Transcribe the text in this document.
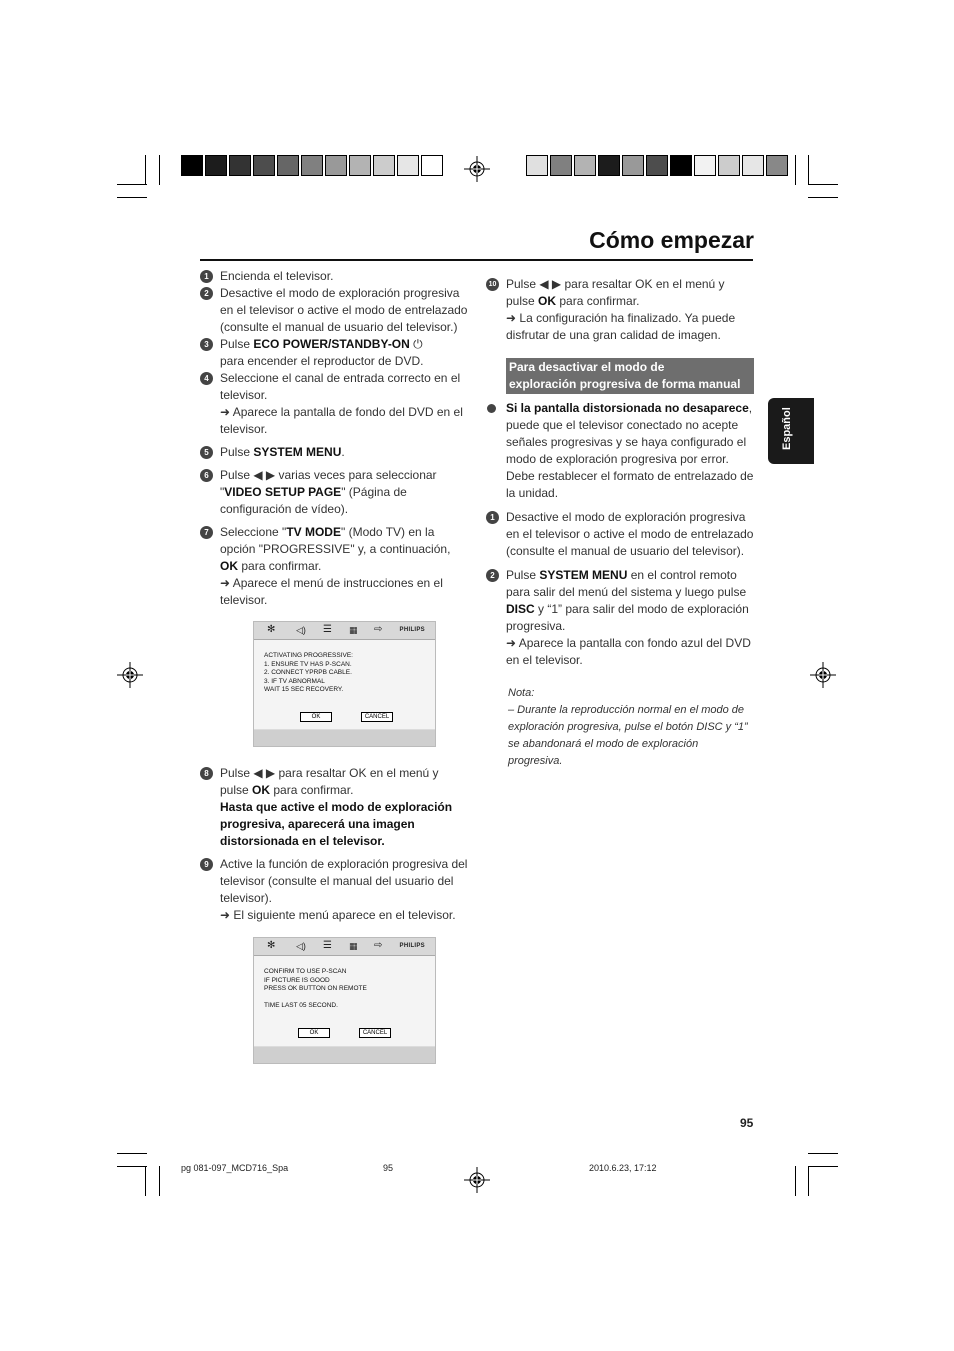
Cómo empezar
Español
1 Encienda el televisor.
2 Desactive el modo de exploración progresiva en el televisor o active el modo de entrelazado (consulte el manual de usuario del televisor.)
3 Pulse ECO POWER/STANDBY-ON ⏻
para encender el reproductor de DVD.
4 Seleccione el canal de entrada correcto en el televisor.
➜ Aparece la pantalla de fondo del DVD en el televisor.
5 Pulse SYSTEM MENU.
6 Pulse ◀ ▶ varias veces para seleccionar "VIDEO SETUP PAGE" (Página de configuración de vídeo).
7 Seleccione "TV MODE" (Modo TV) en la opción "PROGRESSIVE" y, a continuación, OK para confirmar.
➜ Aparece el menú de instrucciones en el televisor.
✻ ◁) ☰ ▦ ⇨	PHILIPS
ACTIVATING PROGRESSIVE:
1. ENSURE TV HAS P-SCAN.
2. CONNECT YPRPB CABLE.
3. IF TV ABNORMAL
WAIT 15 SEC RECOVERY.
OK	CANCEL
8 Pulse ◀ ▶ para resaltar OK en el menú y pulse OK para confirmar.
Hasta que active el modo de exploración progresiva, aparecerá una imagen distorsionada en el televisor.
9 Active la función de exploración progresiva del televisor (consulte el manual del usuario del televisor).
➜ El siguiente menú aparece en el televisor.
✻ ◁) ☰ ▦ ⇨	PHILIPS
CONFIRM TO USE P-SCAN
IF PICTURE IS GOOD
PRESS OK BUTTON ON REMOTE

TIME LAST 05 SECOND.
OK	CANCEL
10 Pulse ◀ ▶ para resaltar OK en el menú y pulse OK para confirmar.
➜ La configuración ha finalizado. Ya puede disfrutar de una gran calidad de imagen.
Para desactivar el modo de
exploración progresiva de forma manual
Si la pantalla distorsionada no desaparece, puede que el televisor conectado no acepte señales progresivas y se haya configurado el modo de exploración progresiva por error. Debe restablecer el formato de entrelazado de la unidad.
1 Desactive el modo de exploración progresiva en el televisor o active el modo de entrelazado (consulte el manual de usuario del televisor).
2 Pulse SYSTEM MENU en el control remoto para salir del menú del sistema y luego pulse DISC y “1” para salir del modo de exploración progresiva.
➜ Aparece la pantalla con fondo azul del DVD en el televisor.
Nota:
– Durante la reproducción normal en el modo de exploración progresiva, pulse el botón DISC y “1” se abandonará el modo de exploración progresiva.
95
pg 081-097_MCD716_Spa	95	2010.6.23, 17:12
